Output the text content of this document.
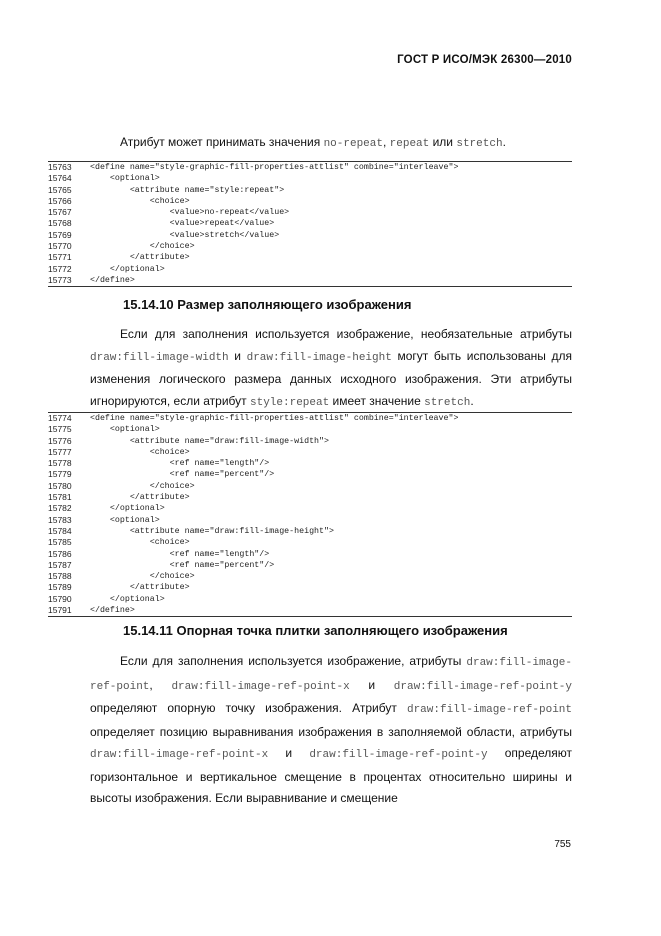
ГОСТ Р ИСО/МЭК 26300—2010
Атрибут может принимать значения no-repeat, repeat или stretch.
15763	<define name="style-graphic-fill-properties-attlist" combine="interleave">
15764	<optional>
15765	<attribute name="style:repeat">
15766	<choice>
15767	<value>no-repeat</value>
15768	<value>repeat</value>
15769	<value>stretch</value>
15770	</choice>
15771	</attribute>
15772	</optional>
15773	</define>
15.14.10 Размер заполняющего изображения
Если для заполнения используется изображение, необязательные атрибуты draw:fill-image-width и draw:fill-image-height могут быть использованы для изменения логического размера данных исходного изображения. Эти атрибуты игнорируются, если атрибут style:repeat имеет значение stretch.
15774	<define name="style-graphic-fill-properties-attlist" combine="interleave">
15775	<optional>
15776	<attribute name="draw:fill-image-width">
15777	<choice>
15778	<ref name="length"/>
15779	<ref name="percent"/>
15780	</choice>
15781	</attribute>
15782	</optional>
15783	<optional>
15784	<attribute name="draw:fill-image-height">
15785	<choice>
15786	<ref name="length"/>
15787	<ref name="percent"/>
15788	</choice>
15789	</attribute>
15790	</optional>
15791	</define>
15.14.11 Опорная точка плитки заполняющего изображения
Если для заполнения используется изображение, атрибуты draw:fill-image-ref-point, draw:fill-image-ref-point-x и draw:fill-image-ref-point-y определяют опорную точку изображения. Атрибут draw:fill-image-ref-point определяет позицию выравнивания изображения в заполняемой области, атрибуты draw:fill-image-ref-point-x и draw:fill-image-ref-point-y определяют горизонтальное и вертикальное смещение в процентах относительно ширины и высоты изображения. Если выравнивание и смещение
755
